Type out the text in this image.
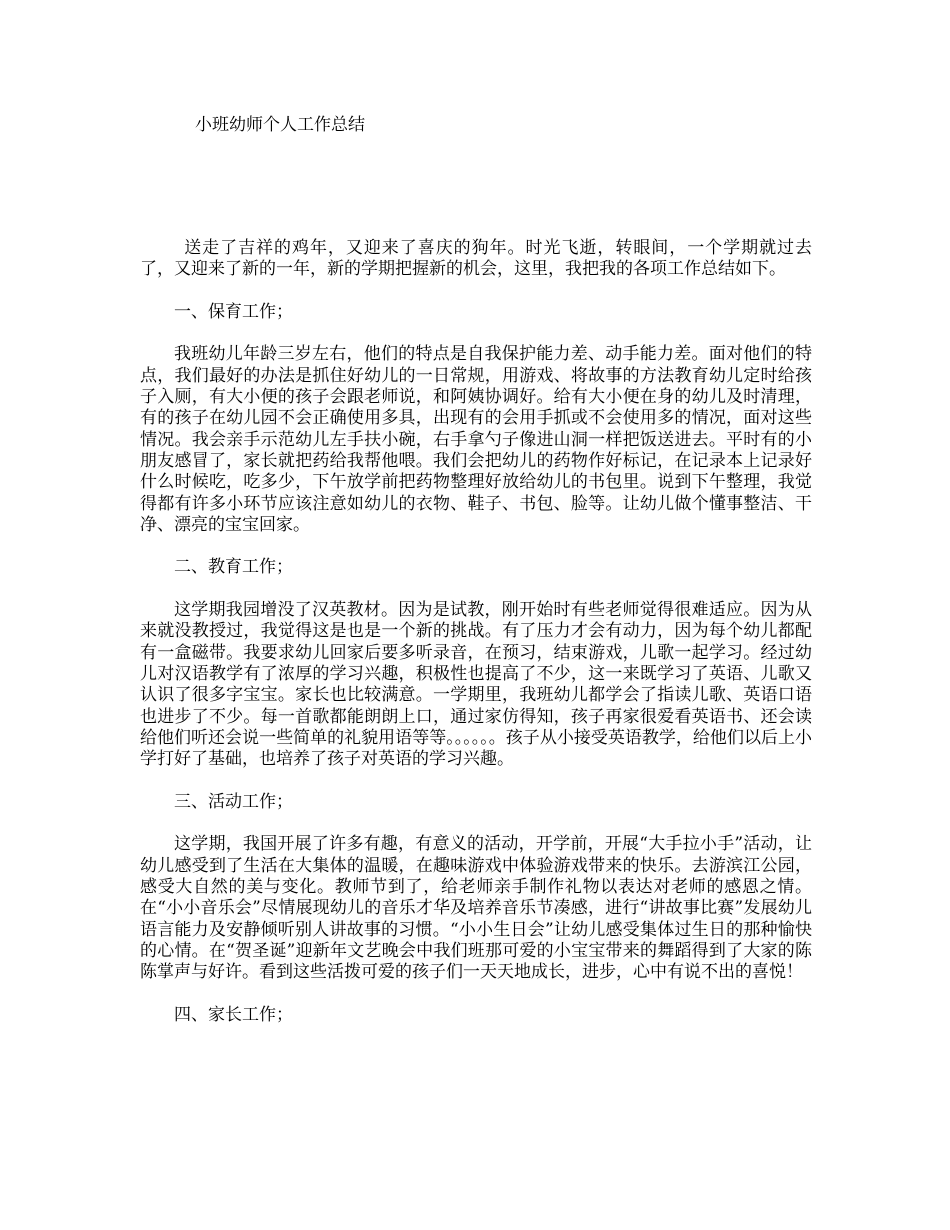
小班幼师个人工作总结

送走了吉祥的鸡年，又迎来了喜庆的狗年。时光飞逝，转眼间，一个学期就过去了，又迎来了新的一年，新的学期把握新的机会，这里，我把我的各项工作总结如下。

一、保育工作；

我班幼儿年龄三岁左右，他们的特点是自我保护能力差、动手能力差。面对他们的特点，我们最好的办法是抓住好幼儿的一日常规，用游戏、将故事的方法教育幼儿定时给孩子入厕，有大小便的孩子会跟老师说，和阿姨协调好。给有大小便在身的幼儿及时清理，有的孩子在幼儿园不会正确使用多具，出现有的会用手抓或不会使用多的情况，面对这些情况。我会亲手示范幼儿左手扶小碗，右手拿勺子像进山洞一样把饭送进去。平时有的小朋友感冒了，家长就把药给我帮他喂。我们会把幼儿的药物作好标记，在记录本上记录好什么时候吃，吃多少，下午放学前把药物整理好放给幼儿的书包里。说到下午整理，我觉得都有许多小环节应该注意如幼儿的衣物、鞋子、书包、脸等。让幼儿做个懂事整洁、干净、漂亮的宝宝回家。

二、教育工作；

这学期我园增没了汉英教材。因为是试教，刚开始时有些老师觉得很难适应。因为从来就没教授过，我觉得这是也是一个新的挑战。有了压力才会有动力，因为每个幼儿都配有一盒磁带。我要求幼儿回家后要多听录音，在预习，结束游戏，儿歌一起学习。经过幼儿对汉语教学有了浓厚的学习兴趣，积极性也提高了不少，这一来既学习了英语、儿歌又认识了很多字宝宝。家长也比较满意。一学期里，我班幼儿都学会了指读儿歌、英语口语也进步了不少。每一首歌都能朗朗上口，通过家仿得知，孩子再家很爱看英语书、还会读给他们听还会说一些简单的礼貌用语等等。。。。。。孩子从小接受英语教学，给他们以后上小学打好了基础，也培养了孩子对英语的学习兴趣。

三、活动工作；

这学期，我国开展了许多有趣，有意义的活动，开学前，开展“大手拉小手”活动，让幼儿感受到了生活在大集体的温暖，在趣味游戏中体验游戏带来的快乐。去游滨江公园，感受大自然的美与变化。教师节到了，给老师亲手制作礼物以表达对老师的感恩之情。在“小小音乐会”尽情展现幼儿的音乐才华及培养音乐节凑感，进行“讲故事比赛”发展幼儿语言能力及安静倾听别人讲故事的习惯。“小小生日会”让幼儿感受集体过生日的那种愉快的心情。在“贺圣诞”迎新年文艺晚会中我们班那可爱的小宝宝带来的舞蹈得到了大家的陈陈掌声与好许。看到这些活拨可爱的孩子们一天天地成长，进步，心中有说不出的喜悦！

四、家长工作；
